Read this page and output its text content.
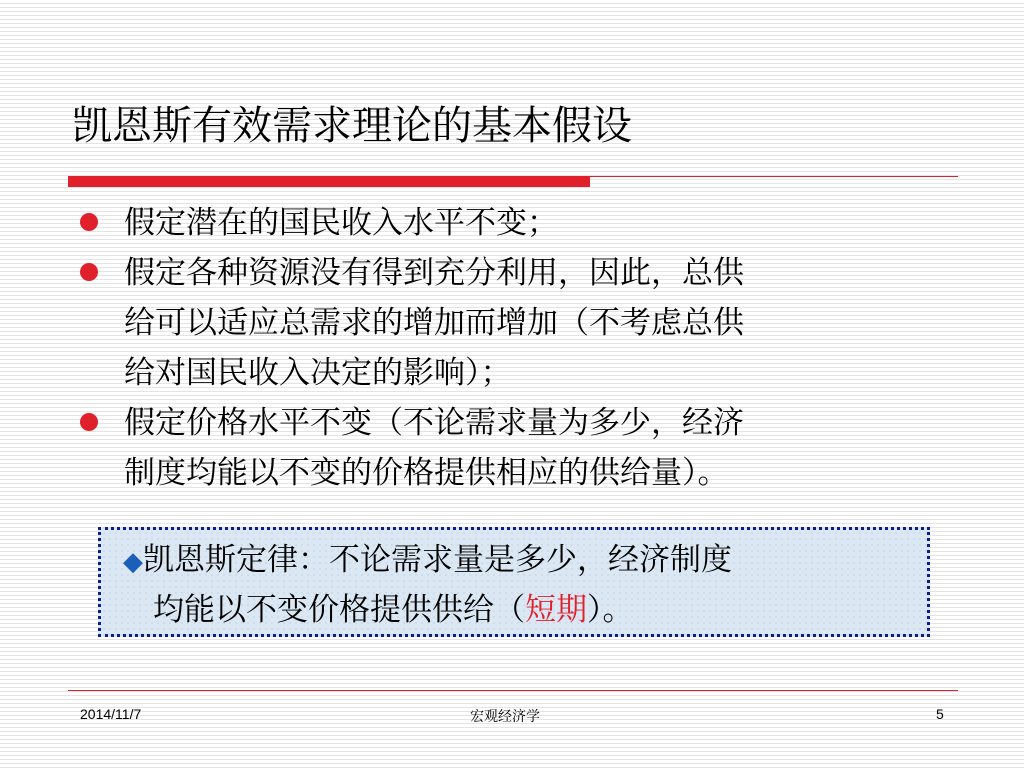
凯恩斯有效需求理论的基本假设
假定潜在的国民收入水平不变；
假定各种资源没有得到充分利用，因此，总供
给可以适应总需求的增加而增加（不考虑总供
给对国民收入决定的影响）；
假定价格水平不变（不论需求量为多少，经济
制度均能以不变的价格提供相应的供给量）。
◆凯恩斯定律：不论需求量是多少，经济制度
均能以不变价格提供供给（短期）。
2014/11/7	宏观经济学	5
